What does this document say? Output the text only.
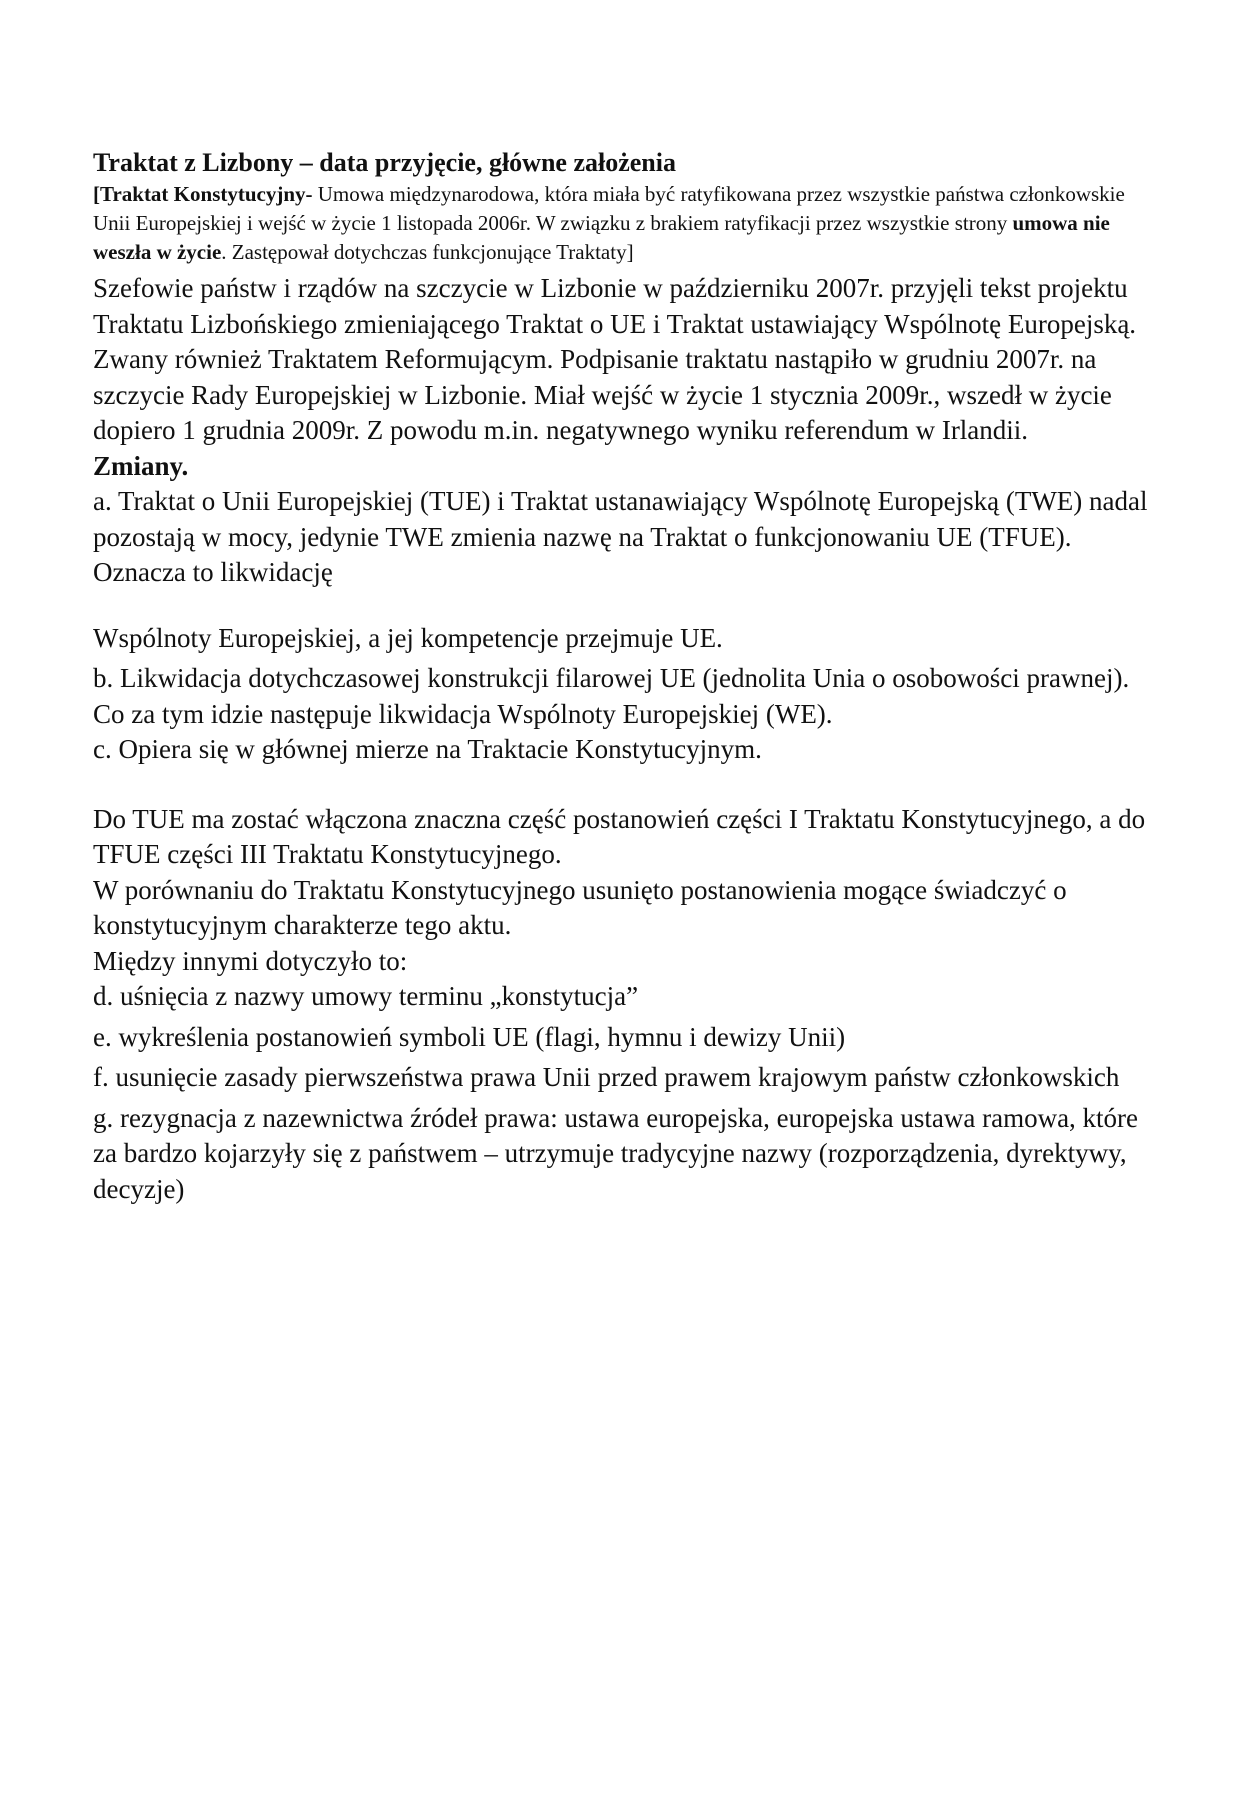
Traktat z Lizbony – data przyjęcie, główne założenia

[Traktat Konstytucyjny- Umowa międzynarodowa, która miała być ratyfikowana przez wszystkie państwa członkowskie Unii Europejskiej i wejść w życie 1 listopada 2006r. W związku z brakiem ratyfikacji przez wszystkie strony umowa nie weszła w życie. Zastępował dotychczas funkcjonujące Traktaty]

Szefowie państw i rządów na szczycie w Lizbonie w październiku 2007r. przyjęli tekst projektu Traktatu Lizbońskiego zmieniającego Traktat o UE i Traktat ustawiający Wspólnotę Europejską. Zwany również Traktatem Reformującym. Podpisanie traktatu nastąpiło w grudniu 2007r. na szczycie Rady Europejskiej w Lizbonie. Miał wejść w życie 1 stycznia 2009r., wszedł w życie dopiero 1 grudnia 2009r. Z powodu m.in. negatywnego wyniku referendum w Irlandii.

Zmiany.

a. Traktat o Unii Europejskiej (TUE) i Traktat ustanawiający Wspólnotę Europejską (TWE) nadal pozostają w mocy, jedynie TWE zmienia nazwę na Traktat o funkcjonowaniu UE (TFUE). Oznacza to likwidację

Wspólnoty Europejskiej, a jej kompetencje przejmuje UE.

b. Likwidacja dotychczasowej konstrukcji filarowej UE (jednolita Unia o osobowości prawnej).

Co za tym idzie następuje likwidacja Wspólnoty Europejskiej (WE).

c. Opiera się w głównej mierze na Traktacie Konstytucyjnym.

Do TUE ma zostać włączona znaczna część postanowień części I Traktatu Konstytucyjnego, a do TFUE części III Traktatu Konstytucyjnego.

W porównaniu do Traktatu Konstytucyjnego usunięto postanowienia mogące świadczyć o konstytucyjnym charakterze tego aktu.

Między innymi dotyczyło to:

d. uśnięcia z nazwy umowy terminu „konstytucja”

e. wykreślenia postanowień symboli UE (flagi, hymnu i dewizy Unii)

f. usunięcie zasady pierwszeństwa prawa Unii przed prawem krajowym państw członkowskich

g. rezygnacja z nazewnictwa źródeł prawa: ustawa europejska, europejska ustawa ramowa, które za bardzo kojarzyły się z państwem – utrzymuje tradycyjne nazwy (rozporządzenia, dyrektywy, decyzje)
